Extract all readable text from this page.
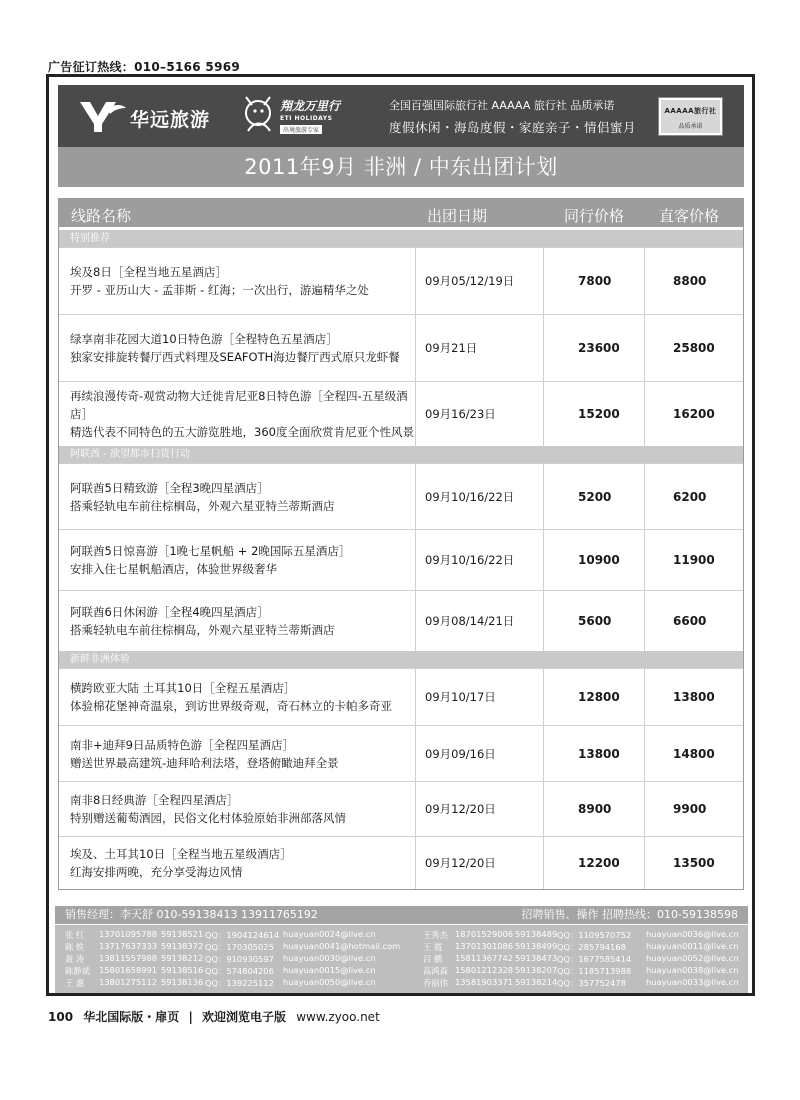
广告征订热线：010–5166 5969
华远旅游
翔龙万里行
ETI HOLIDAYS
出境旅游专家
全国百强国际旅行社 AAAAA 旅行社 品质承诺
度假休闲・海岛度假・家庭亲子・情侣蜜月
AAAAA旅行社
品质承诺
2011年9月 非洲 / 中东出团计划
线路名称	出团日期	同行价格 直客价格
特别推荐
埃及8日［全程当地五星酒店］
开罗 - 亚历山大 - 孟菲斯 - 红海；一次出行，游遍精华之处
09月05/12/19日	7800	8800
绿享南非花园大道10日特色游［全程特色五星酒店］
独家安排旋转餐厅西式料理及SEAFOTH海边餐厅西式原只龙虾餐
09月21日	23600	25800
再续浪漫传奇-观赏动物大迁徙肯尼亚8日特色游［全程四-五星级酒店］
精选代表不同特色的五大游览胜地，360度全面欣赏肯尼亚个性风景
09月16/23日	15200	16200
阿联酋 - 欲望都市扫货行动
阿联酋5日精致游［全程3晚四星酒店］
搭乘轻轨电车前往棕榈岛，外观六星亚特兰蒂斯酒店
09月10/16/22日	5200	6200
阿联酋5日惊喜游［1晚七星帆船 + 2晚国际五星酒店］
安排入住七星帆船酒店，体验世界级奢华
09月10/16/22日	10900	11900
阿联酋6日休闲游［全程4晚四星酒店］
搭乘轻轨电车前往棕榈岛，外观六星亚特兰蒂斯酒店
09月08/14/21日	5600	6600
新鲜非洲体验
横跨欧亚大陆 土耳其10日［全程五星酒店］
体验棉花堡神奇温泉，到访世界级奇观，奇石林立的卡帕多奇亚
09月10/17日	12800	13800
南非+迪拜9日品质特色游［全程四星酒店］
赠送世界最高建筑-迪拜哈利法塔，登塔俯瞰迪拜全景
09月09/16日	13800	14800
南非8日经典游［全程四星酒店］
特别赠送葡萄酒园，民俗文化村体验原始非洲部落风情
09月12/20日	8900	9900
埃及、土耳其10日［全程当地五星级酒店］
红海安排两晚，充分享受海边风情
09月12/20日	12200	13500
销售经理：李天舒 010-59138413 13911765192	招聘销售、操作 招聘热线：010-59138598
张 红 13701095788 59138521 QQ：1904124614 huayuan0024@live.cn
陈 轶 13717637333 59138372 QQ：170305025 huayuan0041@hotmail.com
聂 涛 13811557988 59138212 QQ：910930597 huayuan0030@live.cn
陈静斌 15801658991 59138516 QQ：574804206 huayuan0015@live.cn
王 惠 13801275112 59138136 QQ：139225112 huayuan0050@live.cn
王秀杰 18701529006 59138489 QQ：1109570752 huayuan0036@live.cn
王 霞 13701301086 59138499 QQ：285794168 huayuan0011@live.cn
吕 鹏 15811367742 59138473 QQ：1677585414 huayuan0052@live.cn
高鸿森 15801212328 59138207 QQ：1185713988 huayuan0038@live.cn
乔丽伟 13581903371 59138214 QQ：357752478 huayuan0033@live.cn
100 华北国际版・扉页 | 欢迎浏览电子版 www.zyoo.net
